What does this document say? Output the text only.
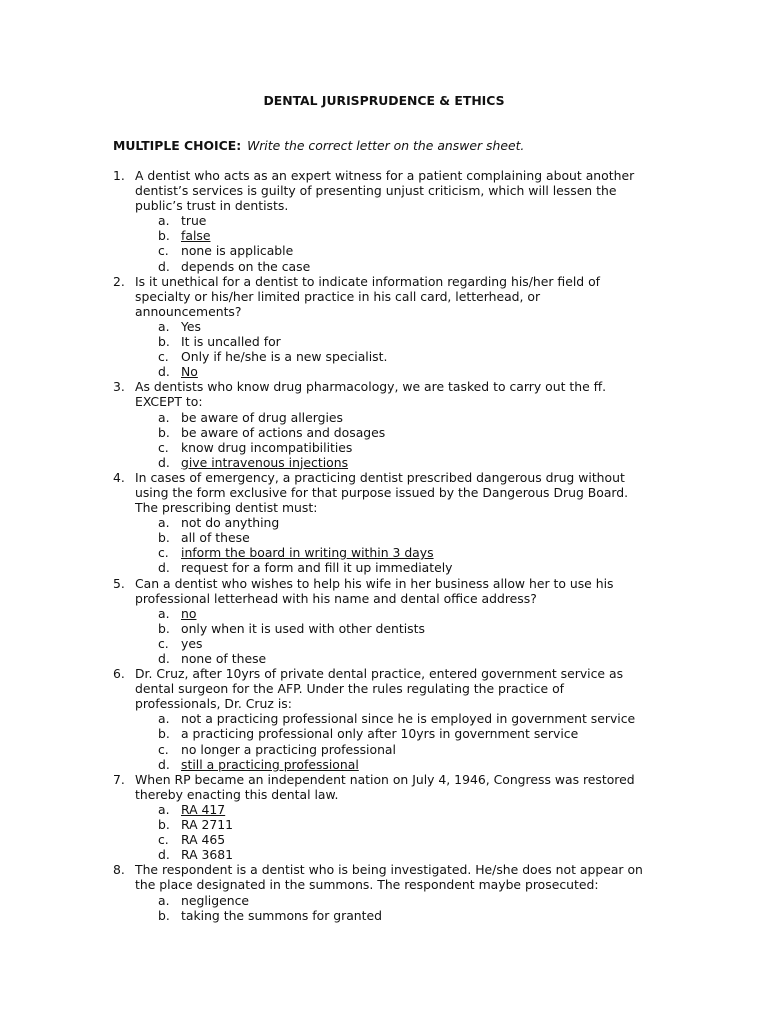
DENTAL JURISPRUDENCE & ETHICS
MULTIPLE CHOICE: Write the correct letter on the answer sheet.
1. A dentist who acts as an expert witness for a patient complaining about another dentist’s services is guilty of presenting unjust criticism, which will lessen the public’s trust in dentists.
a. true
b. false
c. none is applicable
d. depends on the case
2. Is it unethical for a dentist to indicate information regarding his/her field of specialty or his/her limited practice in his call card, letterhead, or announcements?
a. Yes
b. It is uncalled for
c. Only if he/she is a new specialist.
d. No
3. As dentists who know drug pharmacology, we are tasked to carry out the ff. EXCEPT to:
a. be aware of drug allergies
b. be aware of actions and dosages
c. know drug incompatibilities
d. give intravenous injections
4. In cases of emergency, a practicing dentist prescribed dangerous drug without using the form exclusive for that purpose issued by the Dangerous Drug Board. The prescribing dentist must:
a. not do anything
b. all of these
c. inform the board in writing within 3 days
d. request for a form and fill it up immediately
5. Can a dentist who wishes to help his wife in her business allow her to use his professional letterhead with his name and dental office address?
a. no
b. only when it is used with other dentists
c. yes
d. none of these
6. Dr. Cruz, after 10yrs of private dental practice, entered government service as dental surgeon for the AFP. Under the rules regulating the practice of professionals, Dr. Cruz is:
a. not a practicing professional since he is employed in government service
b. a practicing professional only after 10yrs in government service
c. no longer a practicing professional
d. still a practicing professional
7. When RP became an independent nation on July 4, 1946, Congress was restored thereby enacting this dental law.
a. RA 417
b. RA 2711
c. RA 465
d. RA 3681
8. The respondent is a dentist who is being investigated. He/she does not appear on the place designated in the summons. The respondent maybe prosecuted:
a. negligence
b. taking the summons for granted
